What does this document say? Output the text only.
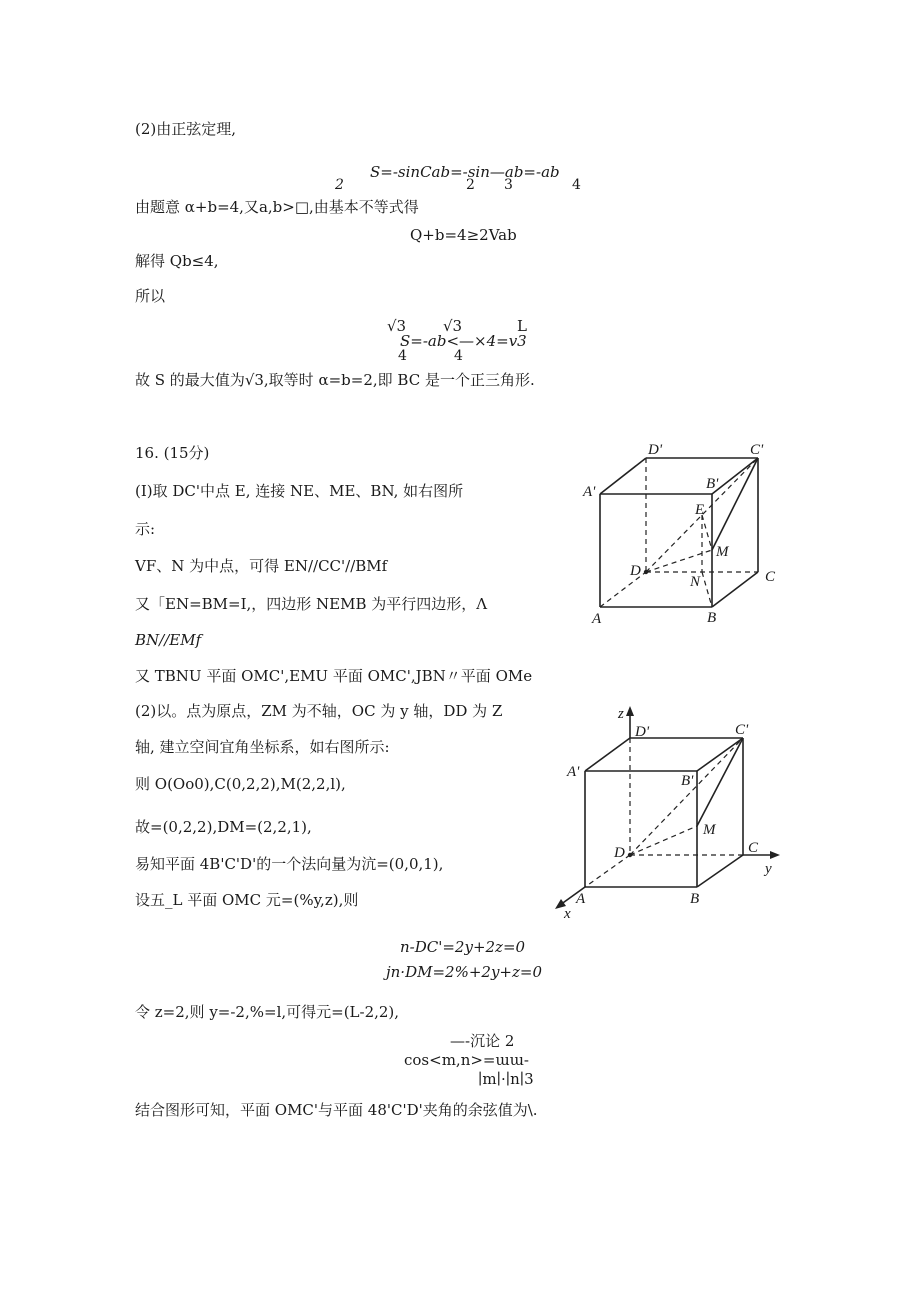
(2)由正弦定理,
S=-sinCab=-sin—ab=-ab
2	2 3	4
由题意 α+b=4,又a,b>□,由基本不等式得
Q+b=4≥2Vab
解得 Qb≤4,
所以
√3 √3	L
S=-ab<—×4=v3
4	4
故 S 的最大值为√3,取等时 α=b=2,即 BC 是一个正三角形.
16. (15分)
(I)取 DC'中点 E, 连接 NE、ME、BN, 如右图所
示:
VF、N 为中点，可得 EN//CC'//BMf
又「EN=BM=I,，四边形 NEMB 为平行四边形，Λ
BN//EMf
又 TBNU 平面 OMC',EMU 平面 OMC',JBN〃平面 OMe
(2)以。点为原点，ZM 为不轴，OC 为 y 轴，DD 为 Z
轴, 建立空间宜角坐标系，如右图所示:
则 O(Oo0),C(0,2,2),M(2,2,l),
故=(0,2,2),DM=(2,2,1),
易知平面 4B'C'D'的一个法向量为沆=(0,0,1),
设五_L 平面 OMC 元=(%y,z),则
n-DC'=2y+2z=0
jn·DM=2%+2y+z=0
令 z=2,则 y=-2,%=l,可得元=(L-2,2),
—-沉论 2
cos<m,n>=ɯɯ-
∣m∣·∣n∣3
结合图形可知，平面 OMC'与平面 48'C'D'夹角的余弦值为\.
D'	C'
A'	B'
E
M
D
N	C
A	B
z
D'	C'
A'
B'
M
D	C
y
A	B
x
